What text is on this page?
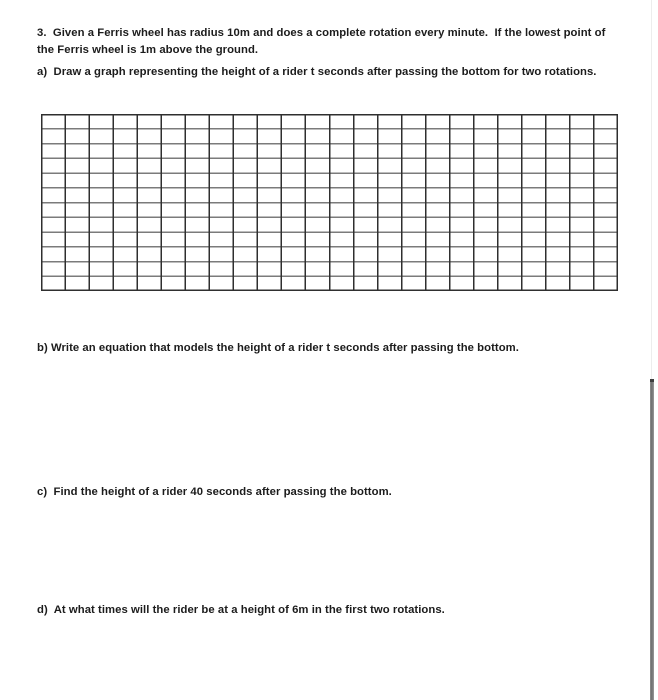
3.  Given a Ferris wheel has radius 10m and does a complete rotation every minute.  If the lowest point of the Ferris wheel is 1m above the ground.
a)  Draw a graph representing the height of a rider t seconds after passing the bottom for two rotations.
b) Write an equation that models the height of a rider t seconds after passing the bottom.
c)  Find the height of a rider 40 seconds after passing the bottom.
d)  At what times will the rider be at a height of 6m in the first two rotations.
